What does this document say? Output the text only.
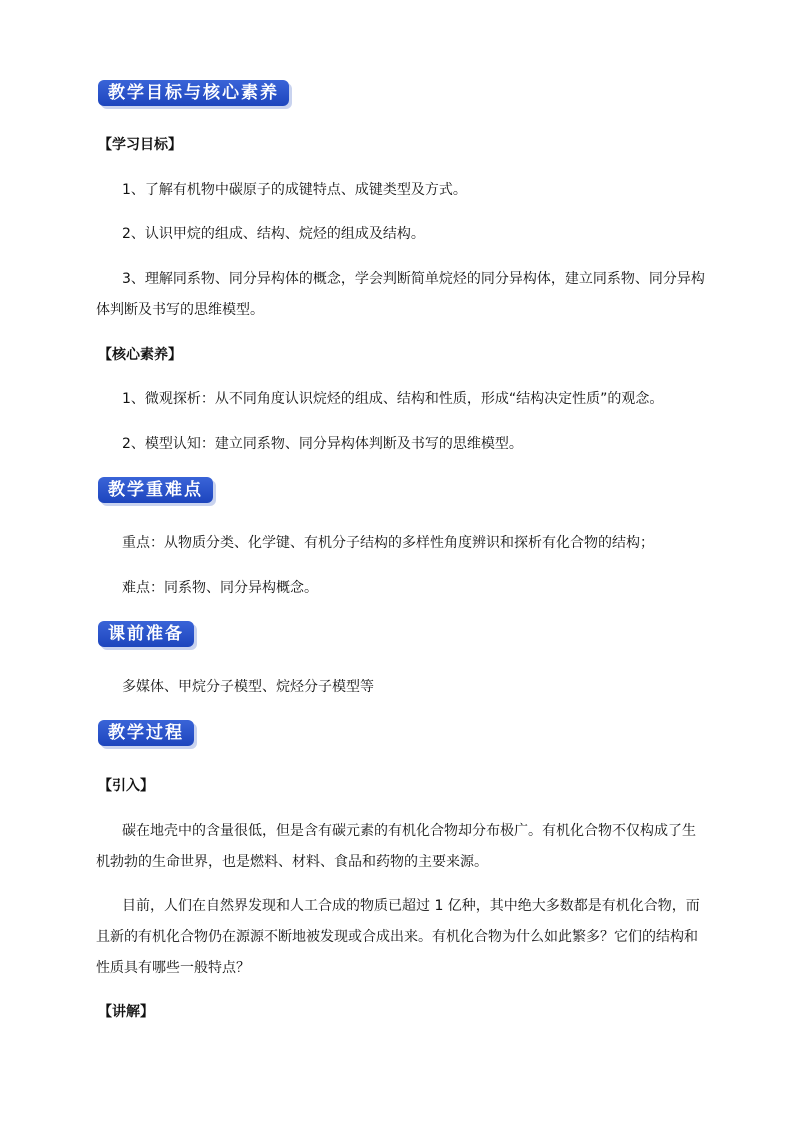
教学目标与核心素养
【学习目标】
1、了解有机物中碳原子的成键特点、成键类型及方式。
2、认识甲烷的组成、结构、烷烃的组成及结构。
3、理解同系物、同分异构体的概念，学会判断简单烷烃的同分异构体，建立同系物、同分异构
体判断及书写的思维模型。
【核心素养】
1、微观探析：从不同角度认识烷烃的组成、结构和性质，形成“结构决定性质”的观念。
2、模型认知：建立同系物、同分异构体判断及书写的思维模型。
教学重难点
重点：从物质分类、化学键、有机分子结构的多样性角度辨识和探析有化合物的结构；
难点：同系物、同分异构概念。
课前准备
多媒体、甲烷分子模型、烷烃分子模型等
教学过程
【引入】
碳在地壳中的含量很低，但是含有碳元素的有机化合物却分布极广。有机化合物不仅构成了生
机勃勃的生命世界，也是燃料、材料、食品和药物的主要来源。
目前，人们在自然界发现和人工合成的物质已超过 1 亿种，其中绝大多数都是有机化合物，而
且新的有机化合物仍在源源不断地被发现或合成出来。有机化合物为什么如此繁多？它们的结构和
性质具有哪些一般特点？
【讲解】
